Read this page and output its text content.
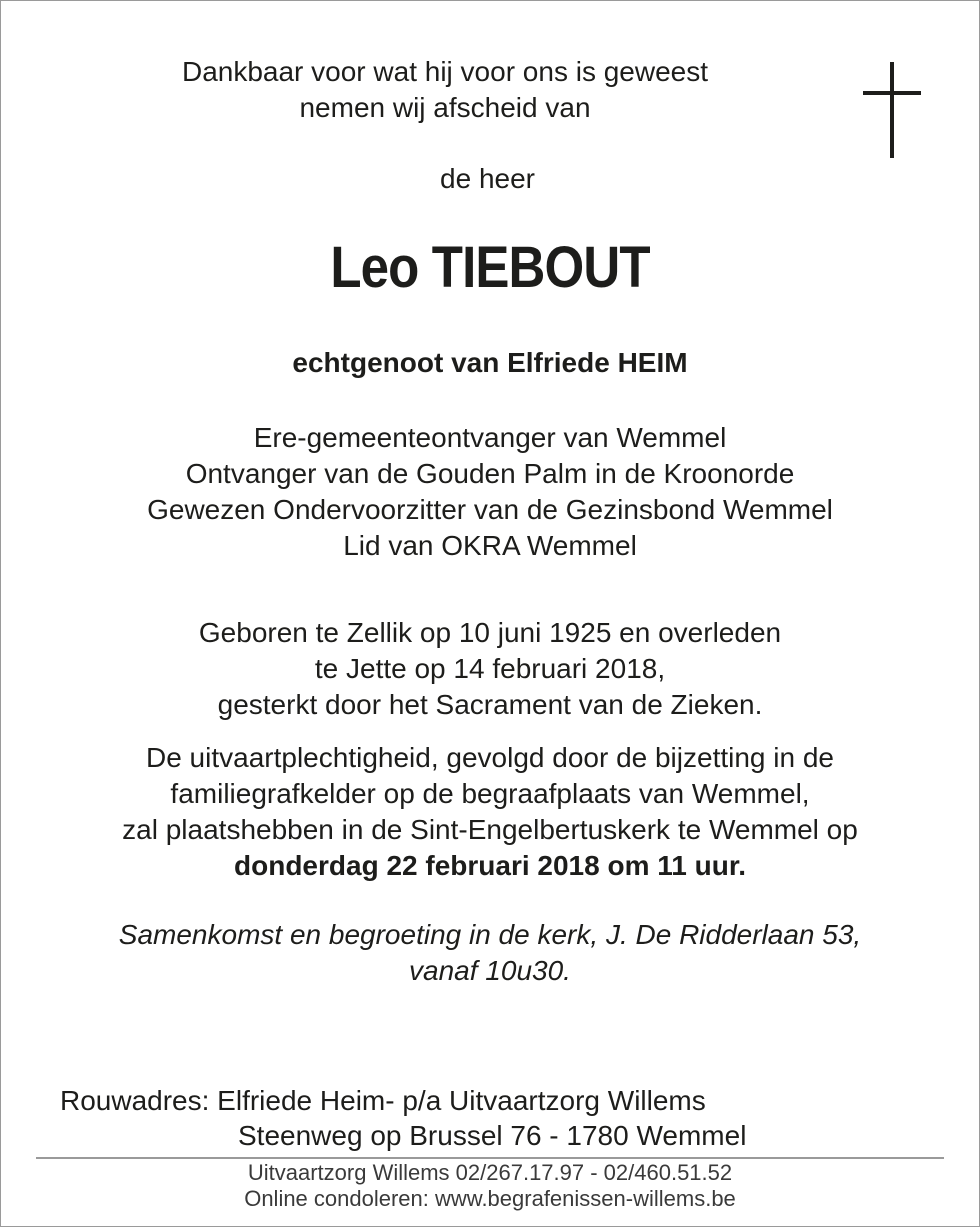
Dankbaar voor wat hij voor ons is geweest
nemen wij afscheid van
de heer
Leo TIEBOUT
echtgenoot van Elfriede HEIM
Ere-gemeenteontvanger van Wemmel
Ontvanger van de Gouden Palm in de Kroonorde
Gewezen Ondervoorzitter van de Gezinsbond Wemmel
Lid van OKRA Wemmel
Geboren te Zellik op 10 juni 1925 en overleden
te Jette op 14 februari 2018,
gesterkt door het Sacrament van de Zieken.
De uitvaartplechtigheid, gevolgd door de bijzetting in de
familiegrafkelder op de begraafplaats van Wemmel,
zal plaatshebben in de Sint-Engelbertuskerk te Wemmel op
donderdag 22 februari 2018 om 11 uur.
Samenkomst en begroeting in de kerk, J. De Ridderlaan 53,
vanaf 10u30.
Rouwadres: Elfriede Heim- p/a Uitvaartzorg Willems
Steenweg op Brussel 76 - 1780 Wemmel
Uitvaartzorg Willems 02/267.17.97 - 02/460.51.52
Online condoleren: www.begrafenissen-willems.be
